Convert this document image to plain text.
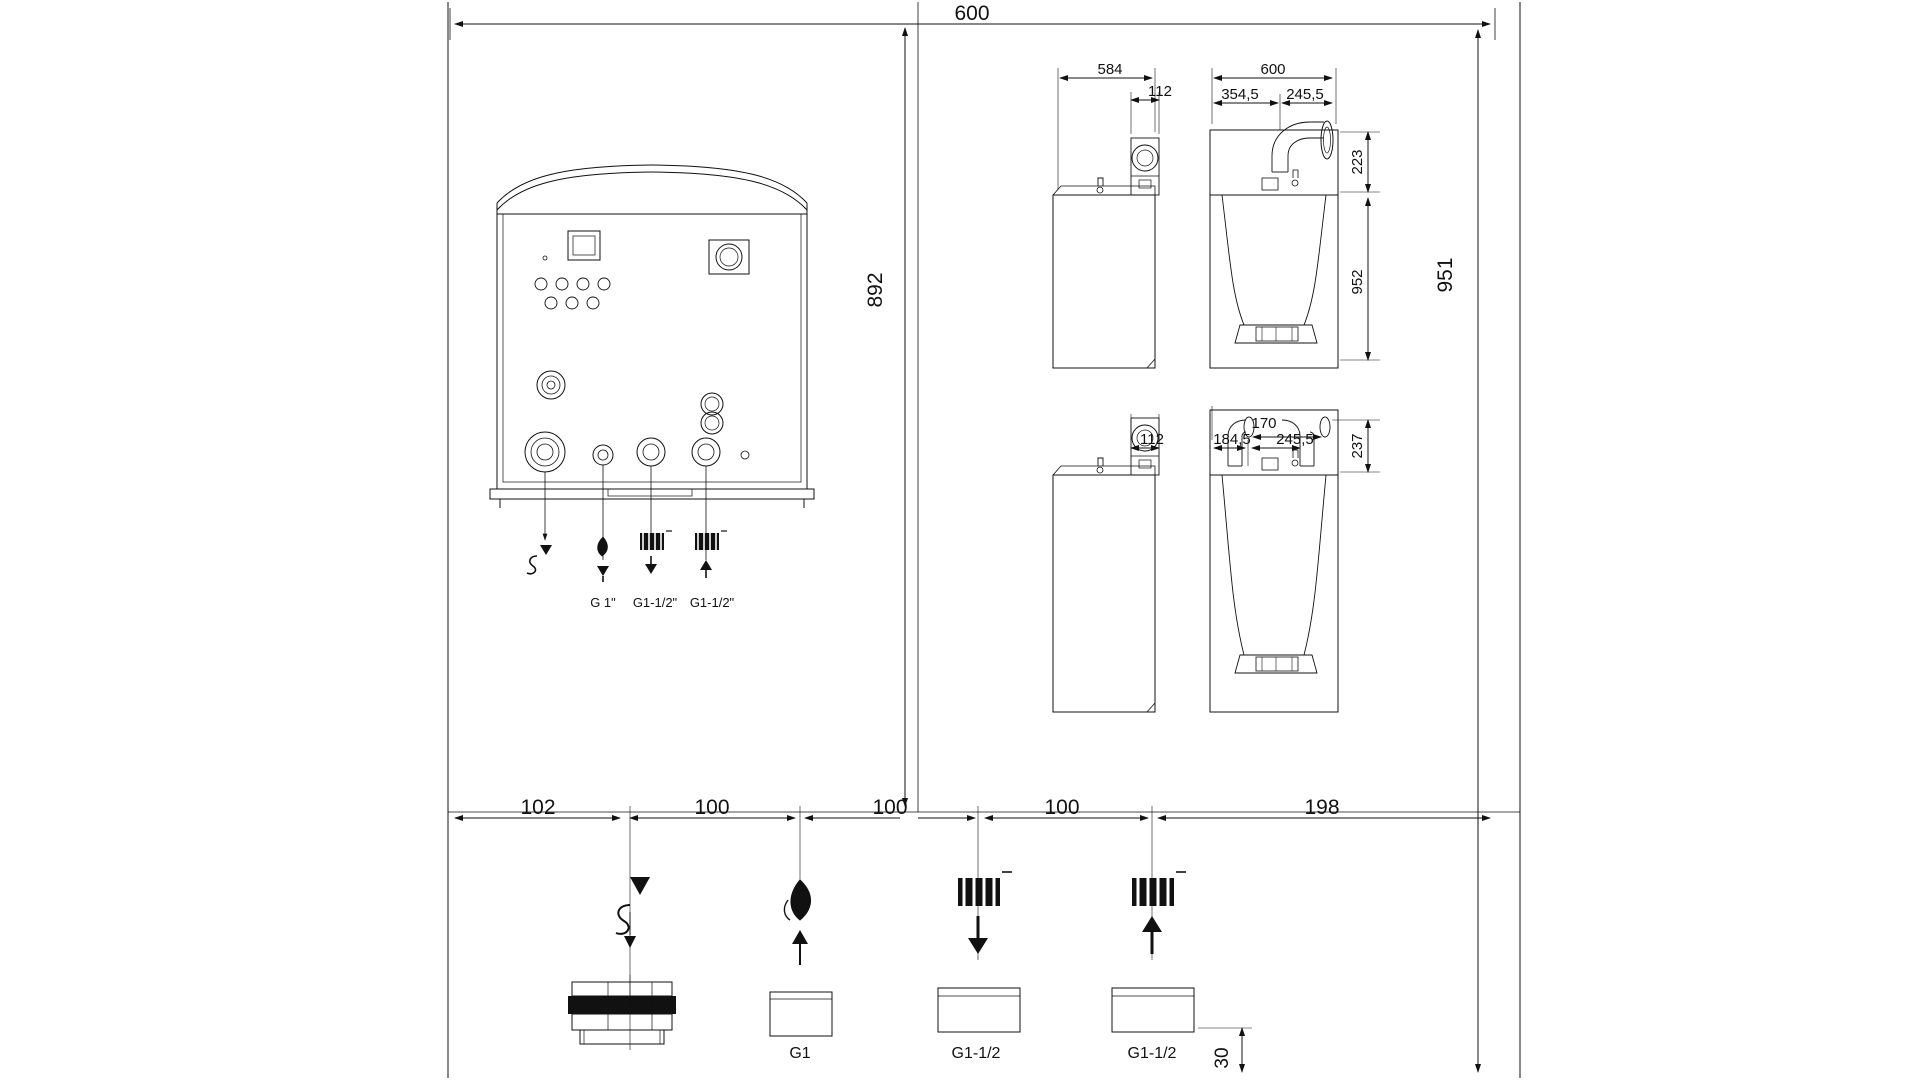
600
951
892
G 1" G1-1/2" G1-1/2"
584
112
600
354,5 245,5
223
952
112
170
184,5 245,5 237
102	100	100	100	198
G1	G1-1/2	G1-1/2 30
